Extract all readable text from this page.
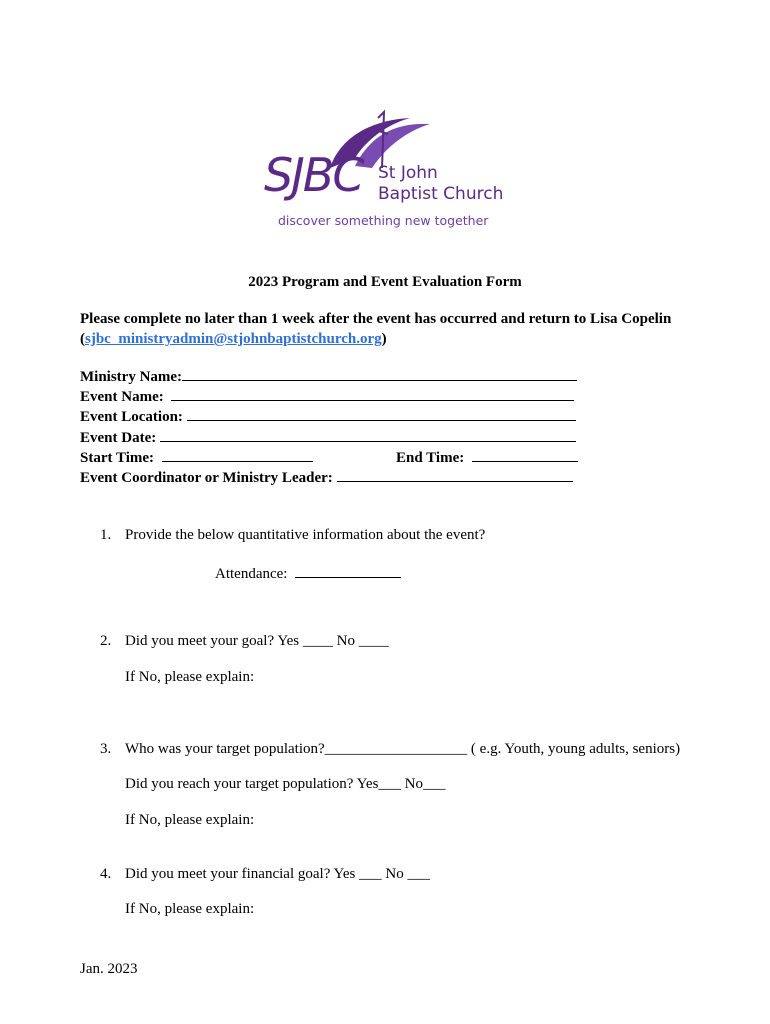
SJBC St John
Baptist Church
discover something new together
2023 Program and Event Evaluation Form
Please complete no later than 1 week after the event has occurred and return to Lisa Copelin
(sjbc_ministryadmin@stjohnbaptistchurch.org)
Ministry Name:
Event Name:
Event Location:
Event Date:
Start Time:	End Time:
Event Coordinator or Ministry Leader:
1. Provide the below quantitative information about the event?
Attendance:
2. Did you meet your goal? Yes ____ No ____
If No, please explain:
3. Who was your target population?___________________ ( e.g. Youth, young adults, seniors)
Did you reach your target population? Yes___ No___
If No, please explain:
4. Did you meet your financial goal? Yes ___ No ___
If No, please explain:
Jan. 2023
